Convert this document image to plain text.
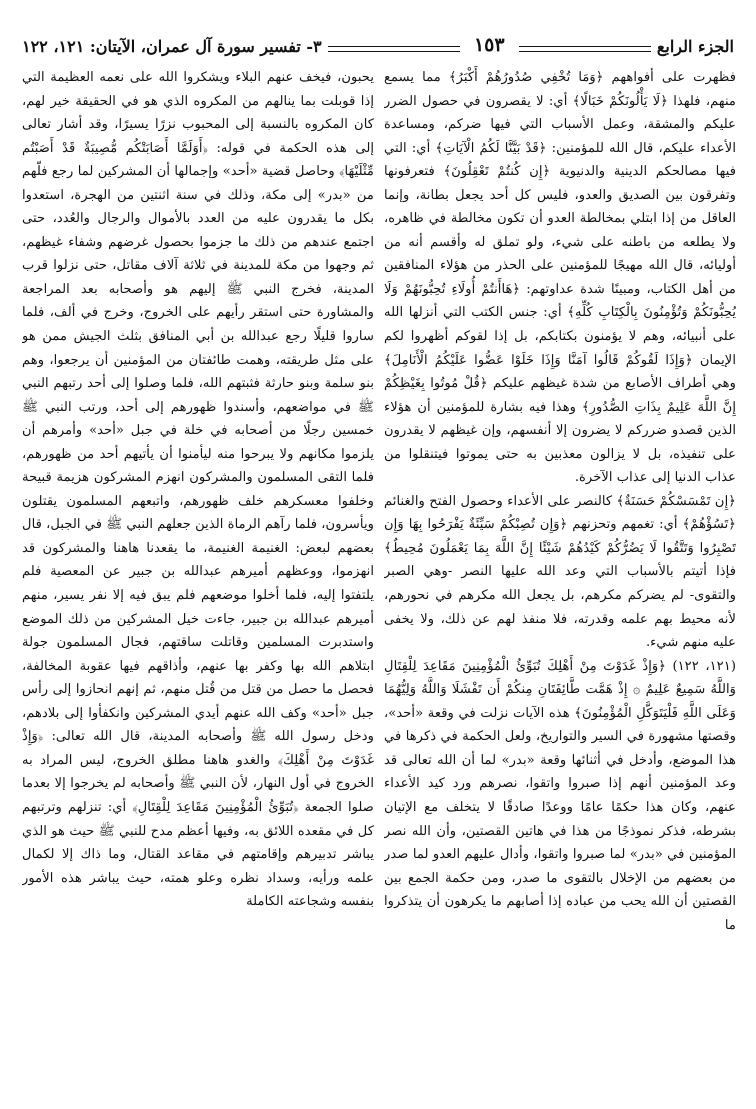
الجزء الرابع
١٥٣
٣- تفسير سورة آل عمران، الآيتان: ١٢١، ١٢٢

فظهرت على أفواههم ﴿وَمَا تُخْفِي صُدُورُهُمْ أَكْبَرُ﴾ مما يسمع منهم، فلهذا ﴿لَا يَأْلُونَكُمْ خَبَالًا﴾ أي: لا يقصرون في حصول الضرر عليكم والمشقة، وعمل الأسباب التي فيها ضركم، ومساعدة الأعداء عليكم، قال الله للمؤمنين: ﴿قَدْ بَيَّنَّا لَكُمُ الْآيَاتِ﴾ أي: التي فيها مصالحكم الدينية والدنيوية ﴿إِن كُنتُمْ تَعْقِلُونَ﴾ فتعرفونها وتفرقون بين الصديق والعدو، فليس كل أحد يجعل بطانة، وإنما العاقل من إذا ابتلي بمخالطة العدو أن تكون مخالطة في ظاهره، ولا يطلعه من باطنه على شيء، ولو تملق له وأقسم أنه من أوليائه، قال الله مهيجًا للمؤمنين على الحذر من هؤلاء المنافقين من أهل الكتاب، ومبينًا شدة عداوتهم: ﴿هَاأَنتُمْ أُولَاءِ تُحِبُّونَهُمْ وَلَا يُحِبُّونَكُمْ وَتُؤْمِنُونَ بِالْكِتَابِ كُلِّهِ﴾ أي: جنس الكتب التي أنزلها الله على أنبيائه، وهم لا يؤمنون بكتابكم، بل إذا لقوكم أظهروا لكم الإيمان ﴿وَإِذَا لَقُوكُمْ قَالُوا آمَنَّا وَإِذَا خَلَوْا عَضُّوا عَلَيْكُمُ الْأَنَامِلَ﴾ وهي أطراف الأصابع من شدة غيظهم عليكم ﴿قُلْ مُوتُوا بِغَيْظِكُمْ إِنَّ اللَّهَ عَلِيمٌ بِذَاتِ الصُّدُورِ﴾ وهذا فيه بشارة للمؤمنين أن هؤلاء الذين قصدو ضرركم لا يضرون إلا أنفسهم، وإن غيظهم لا يقدرون على تنفيذه، بل لا يزالون معذبين به حتى يموتوا فيتنقلوا من عذاب الدنيا إلى عذاب الآخرة.

﴿إِن تَمْسَسْكُمْ حَسَنَةٌ﴾ كالنصر على الأعداء وحصول الفتح والغنائم ﴿تَسُؤْهُمْ﴾ أي: تغمهم وتحزنهم ﴿وَإِن تُصِبْكُمْ سَيِّئَةٌ يَفْرَحُوا بِهَا وَإِن تَصْبِرُوا وَتَتَّقُوا لَا يَضُرُّكُمْ كَيْدُهُمْ شَيْئًا إِنَّ اللَّهَ بِمَا يَعْمَلُونَ مُحِيطٌ﴾ فإذا أتيتم بالأسباب التي وعد الله عليها النصر -وهي الصبر والتقوى- لم يضركم مكرهم، بل يجعل الله مكرهم في نحورهم، لأنه محيط بهم علمه وقدرته، فلا منفذ لهم عن ذلك، ولا يخفى عليه منهم شيء.

(١٢١، ١٢٢) ﴿وَإِذْ غَدَوْتَ مِنْ أَهْلِكَ تُبَوِّئُ الْمُؤْمِنِينَ مَقَاعِدَ لِلْقِتَالِ وَاللَّهُ سَمِيعٌ عَلِيمٌ ۞ إِذْ هَمَّت طَّائِفَتَانِ مِنكُمْ أَن تَفْشَلَا وَاللَّهُ وَلِيُّهُمَا وَعَلَى اللَّهِ فَلْيَتَوَكَّلِ الْمُؤْمِنُونَ﴾ هذه الآيات نزلت في وقعة «أحد»، وقصتها مشهورة في السير والتواريخ، ولعل الحكمة في ذكرها في هذا الموضع، وأدخل في أثنائها وقعة «بدر» لما أن الله تعالى قد وعد المؤمنين أنهم إذا صبروا واتقوا، نصرهم ورد كيد الأعداء عنهم، وكان هذا حكمًا عامًا ووعدًا صادقًا لا يتخلف مع الإتيان بشرطه، فذكر نموذجًا من هذا في هاتين القصتين، وأن الله نصر المؤمنين في «بدر» لما صبروا واتقوا، وأدال عليهم العدو لما صدر من بعضهم من الإخلال بالتقوى ما صدر، ومن حكمة الجمع بين القصتين أن الله يحب من عباده إذا أصابهم ما يكرهون أن يتذكروا ما

يحبون، فيخف عنهم البلاء ويشكروا الله على نعمه العظيمة التي إذا قوبلت بما ينالهم من المكروه الذي هو في الحقيقة خير لهم، كان المكروه بالنسبة إلى المحبوب نزرًا يسيرًا، وقد أشار تعالى إلى هذه الحكمة في قوله: ﴿أَوَلَمَّا أَصَابَتْكُم مُّصِيبَةٌ قَدْ أَصَبْتُم مِّثْلَيْهَا﴾ وحاصل قضية «أحد» وإجمالها أن المشركين لما رجع فلّهم من «بدر» إلى مكة، وذلك في سنة اثنتين من الهجرة، استعدوا بكل ما يقدرون عليه من العدد بالأموال والرجال والعُدد، حتى اجتمع عندهم من ذلك ما جزموا بحصول غرضهم وشفاء غيظهم، ثم وجهوا من مكة للمدينة في ثلاثة آلاف مقاتل، حتى نزلوا قرب المدينة، فخرج النبي ﷺ إليهم هو وأصحابه بعد المراجعة والمشاورة حتى استقر رأيهم على الخروج، وخرج في ألف، فلما ساروا قليلًا رجع عبدالله بن أبي المنافق بثلث الجيش ممن هو على مثل طريقته، وهمت طائفتان من المؤمنين أن يرجعوا، وهم بنو سلمة وبنو حارثة فثبتهم الله، فلما وصلوا إلى أحد رتبهم النبي ﷺ في مواضعهم، وأسندوا ظهورهم إلى أحد، ورتب النبي ﷺ خمسين رجلًا من أصحابه في خلة في جبل «أحد» وأمرهم أن يلزموا مكانهم ولا يبرحوا منه ليأمنوا أن يأتيهم أحد من ظهورهم، فلما التقى المسلمون والمشركون انهزم المشركون هزيمة قبيحة وخلفوا معسكرهم خلف ظهورهم، واتبعهم المسلمون يقتلون ويأسرون، فلما رآهم الرماة الذين جعلهم النبي ﷺ في الجبل، قال بعضهم لبعض: الغنيمة الغنيمة، ما يقعدنا هاهنا والمشركون قد انهزموا، ووعظهم أميرهم عبدالله بن جبير عن المعصية فلم يلتفتوا إليه، فلما أخلوا موضعهم فلم يبق فيه إلا نفر يسير، منهم أميرهم عبدالله بن جبير، جاءت خيل المشركين من ذلك الموضع واستدبرت المسلمين وقاتلت ساقتهم، فجال المسلمون جولة ابتلاهم الله بها وكفر بها عنهم، وأذاقهم فيها عقوبة المخالفة، فحصل ما حصل من قتل من قُتل منهم، ثم إنهم انحازوا إلى رأس جبل «أحد» وكف الله عنهم أيدي المشركين وانكفأوا إلى بلادهم، ودخل رسول الله ﷺ وأصحابه المدينة، قال الله تعالى: ﴿وَإِذْ غَدَوْتَ مِنْ أَهْلِكَ﴾ والغدو هاهنا مطلق الخروج، ليس المراد به الخروج في أول النهار، لأن النبي ﷺ وأصحابه لم يخرجوا إلا بعدما صلوا الجمعة ﴿تُبَوِّئُ الْمُؤْمِنِينَ مَقَاعِدَ لِلْقِتَالِ﴾ أي: تنزلهم وترتبهم كل في مقعده اللائق به، وفيها أعظم مدح للنبي ﷺ حيث هو الذي يباشر تدبيرهم وإقامتهم في مقاعد القتال، وما ذاك إلا لكمال علمه ورأيه، وسداد نظره وعلو همته، حيث يباشر هذه الأمور بنفسه وشجاعته الكاملة
